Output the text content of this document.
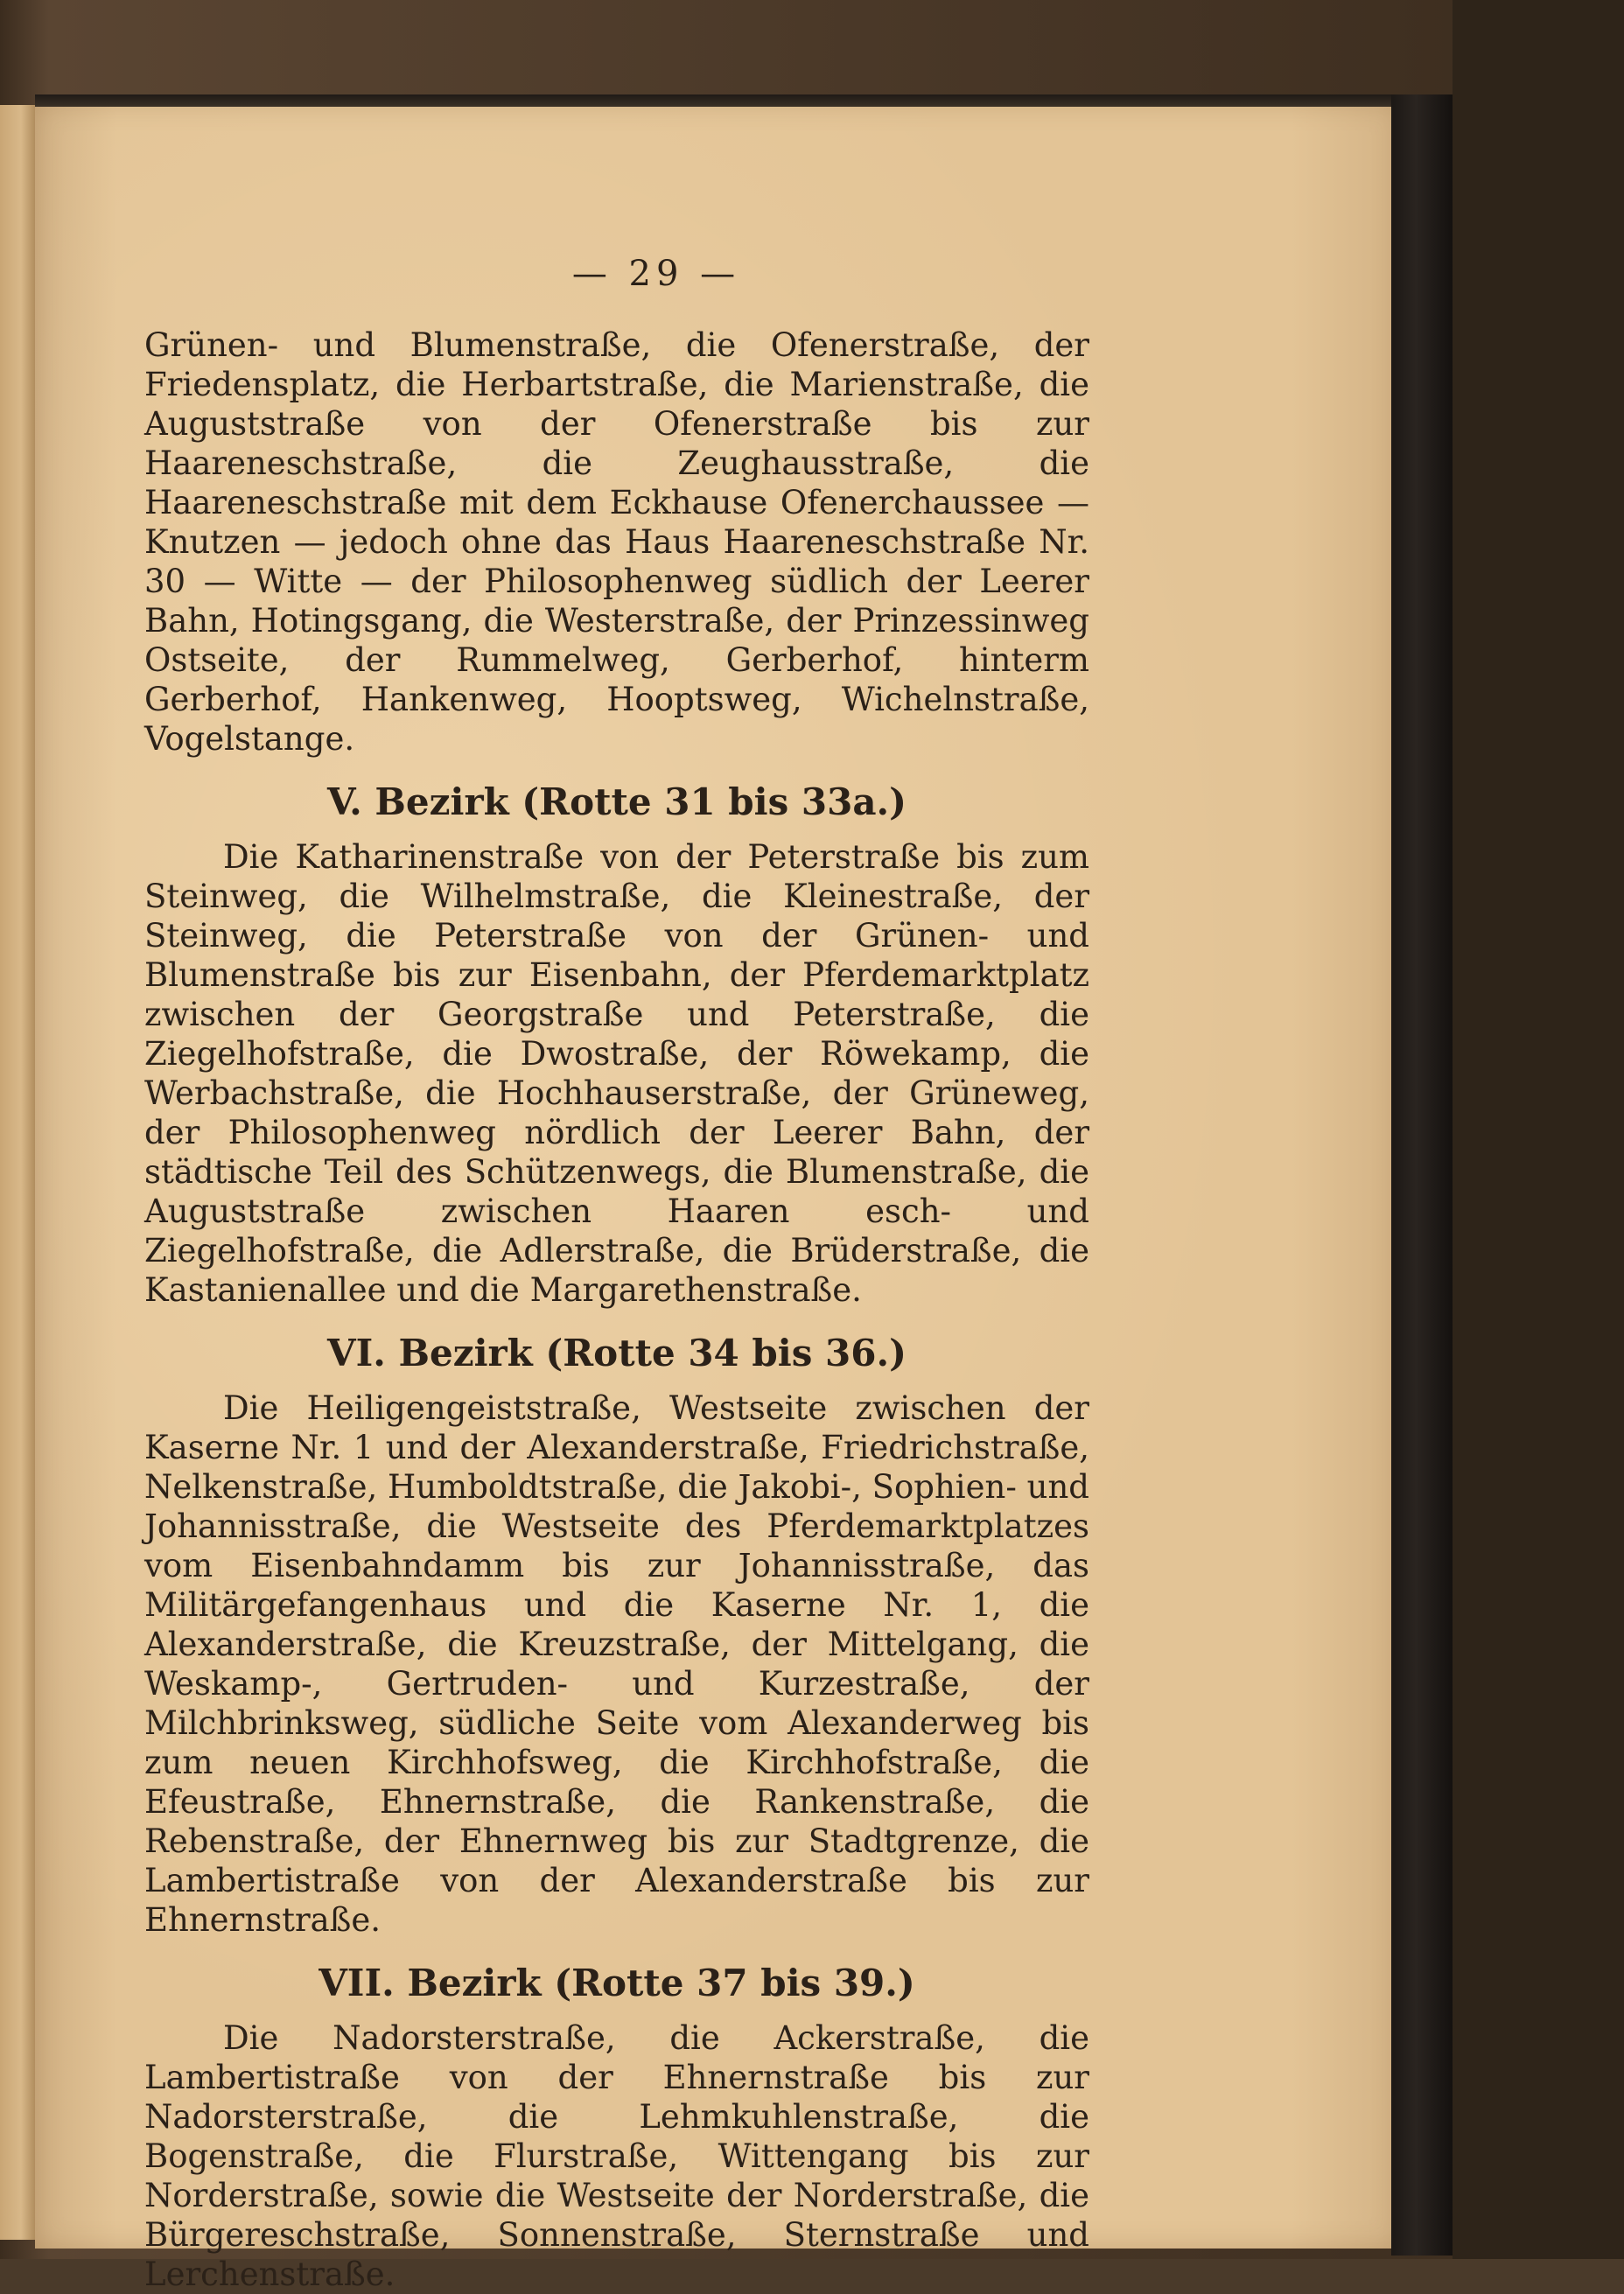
— 29 —

Grünen- und Blumenstraße, die Ofenerstraße, der Friedensplatz, die Herbartstraße, die Marienstraße, die Auguststraße von der Ofenerstraße bis zur Haareneschstraße, die Zeughausstraße, die Haareneschstraße mit dem Eckhause Ofenerchaussee — Knutzen — jedoch ohne das Haus Haareneschstraße Nr. 30 — Witte — der Philosophenweg südlich der Leerer Bahn, Hotingsgang, die Westerstraße, der Prinzessinweg Ostseite, der Rummelweg, Gerberhof, hinterm Gerberhof, Hankenweg, Hooptsweg, Wichelnstraße, Vogelstange.

V. Bezirk (Rotte 31 bis 33a.)

Die Katharinenstraße von der Peterstraße bis zum Steinweg, die Wilhelmstraße, die Kleinestraße, der Steinweg, die Peterstraße von der Grünen- und Blumenstraße bis zur Eisenbahn, der Pferdemarktplatz zwischen der Georgstraße und Peterstraße, die Ziegelhofstraße, die Dwostraße, der Röwekamp, die Werbachstraße, die Hochhauserstraße, der Grüneweg, der Philosophenweg nördlich der Leerer Bahn, der städtische Teil des Schützenwegs, die Blumenstraße, die Auguststraße zwischen Haaren esch- und Ziegelhofstraße, die Adlerstraße, die Brüderstraße, die Kastanienallee und die Margarethenstraße.

VI. Bezirk (Rotte 34 bis 36.)

Die Heiligengeiststraße, Westseite zwischen der Kaserne Nr. 1 und der Alexanderstraße, Friedrichstraße, Nelkenstraße, Humboldtstraße, die Jakobi-, Sophien- und Johannisstraße, die Westseite des Pferdemarktplatzes vom Eisenbahndamm bis zur Johannisstraße, das Militärgefangenhaus und die Kaserne Nr. 1, die Alexanderstraße, die Kreuzstraße, der Mittelgang, die Weskamp-, Gertruden- und Kurzestraße, der Milchbrinksweg, südliche Seite vom Alexanderweg bis zum neuen Kirchhofsweg, die Kirchhofstraße, die Efeustraße, Ehnernstraße, die Rankenstraße, die Rebenstraße, der Ehnernweg bis zur Stadtgrenze, die Lambertistraße von der Alexanderstraße bis zur Ehnernstraße.

VII. Bezirk (Rotte 37 bis 39.)

Die Nadorsterstraße, die Ackerstraße, die Lambertistraße von der Ehnernstraße bis zur Nadorsterstraße, die Lehmkuhlenstraße, die Bogenstraße, die Flurstraße, Wittengang bis zur Norderstraße, sowie die Westseite der Norderstraße, die Bürgereschstraße, Sonnenstraße, Sternstraße und Lerchenstraße.
